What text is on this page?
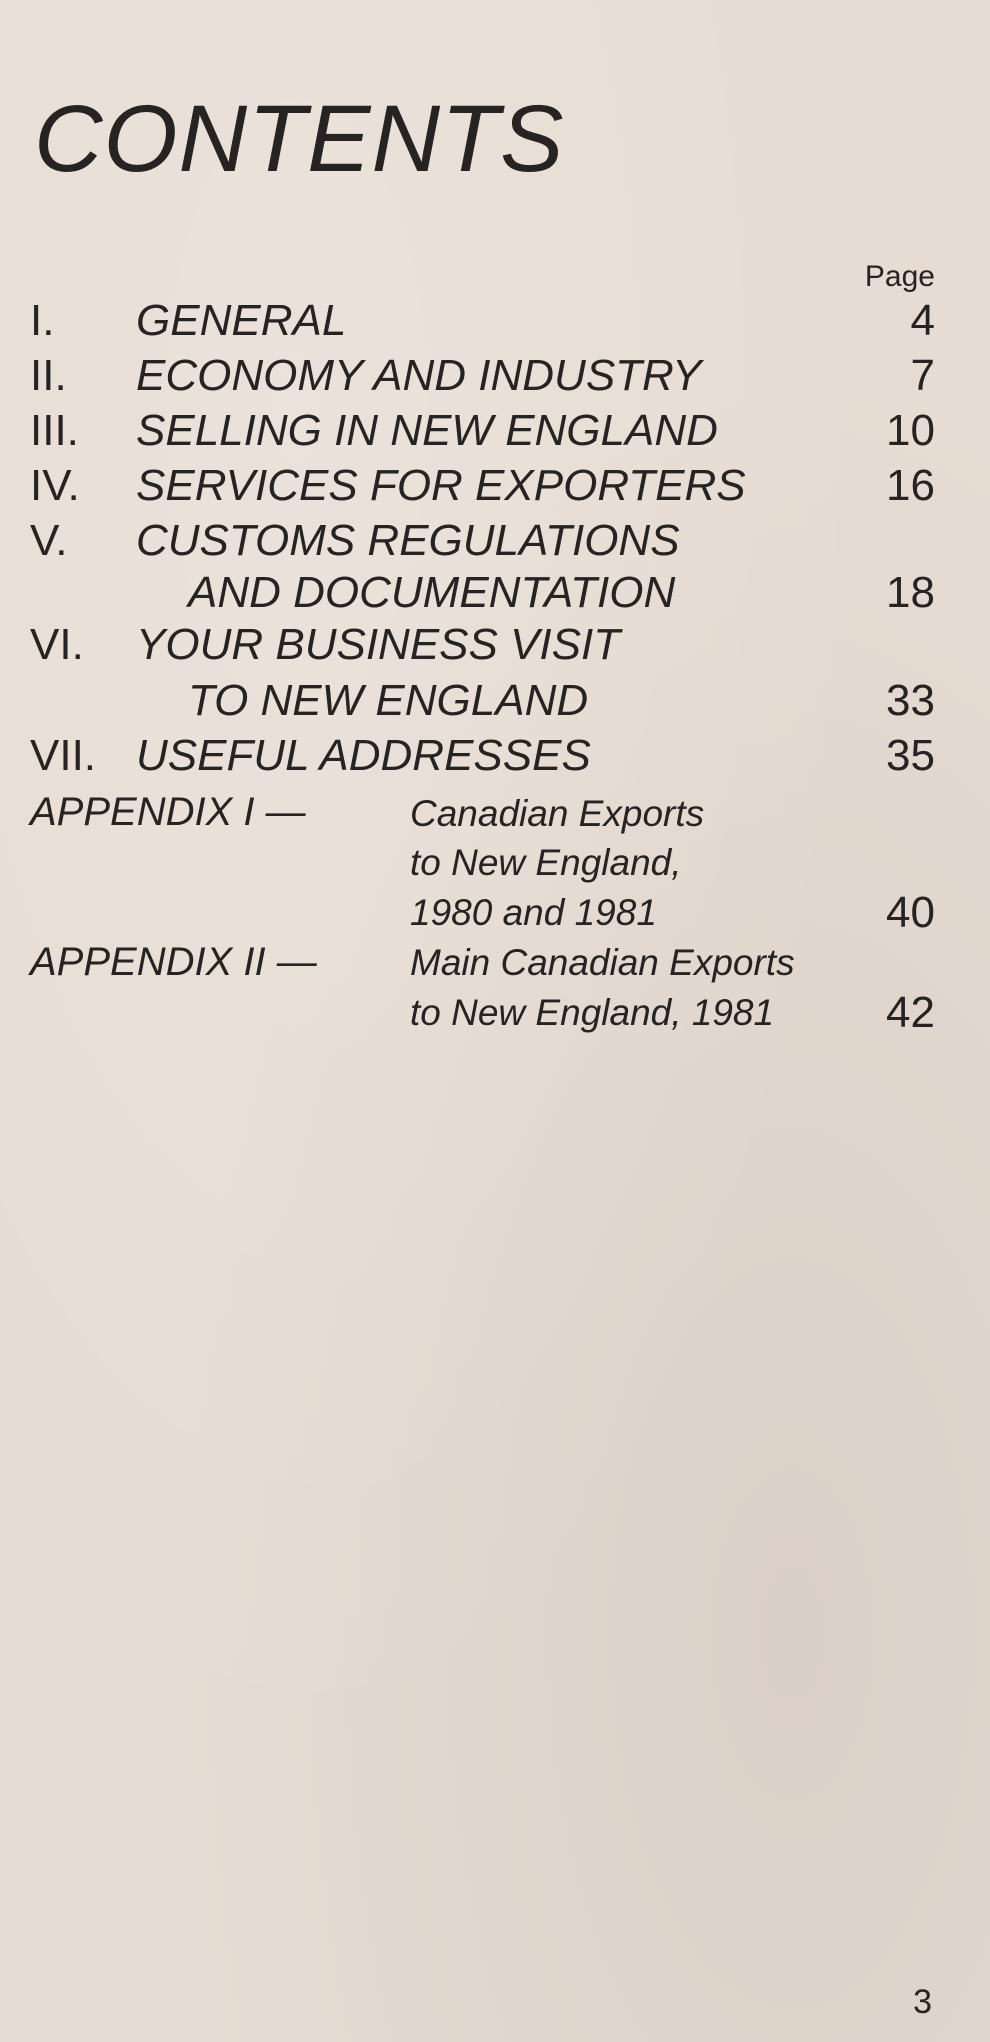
CONTENTS
Page
I. GENERAL	4
II. ECONOMY AND INDUSTRY	7
III. SELLING IN NEW ENGLAND	10
IV. SERVICES FOR EXPORTERS	16
V. CUSTOMS REGULATIONS
AND DOCUMENTATION	18
VI. YOUR BUSINESS VISIT
TO NEW ENGLAND	33
VII. USEFUL ADDRESSES	35
APPENDIX I —	Canadian Exports
to New England,
1980 and 1981	40
APPENDIX II —	Main Canadian Exports
to New England, 1981	42
3
